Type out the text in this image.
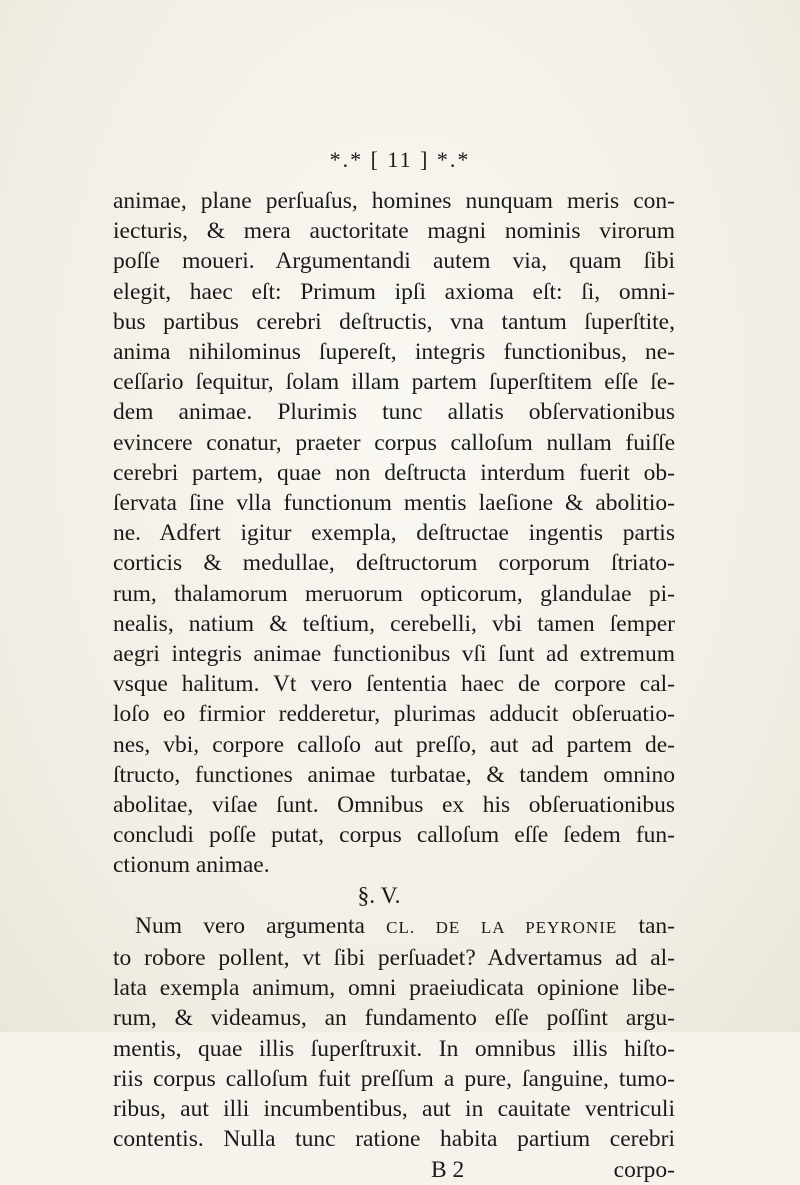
*.* [ 11 ] *.*
animae, plane perſuaſus, homines nunquam meris con-
iecturis, & mera auctoritate magni nominis virorum
poſſe moueri. Argumentandi autem via, quam ſibi
elegit, haec eſt: Primum ipſi axioma eſt: ſi, omni-
bus partibus cerebri deſtructis, vna tantum ſuperſtite,
anima nihilominus ſupereſt, integris functionibus, ne-
ceſſario ſequitur, ſolam illam partem ſuperſtitem eſſe ſe-
dem animae. Plurimis tunc allatis obſervationibus
evincere conatur, praeter corpus calloſum nullam fuiſſe
cerebri partem, quae non deſtructa interdum fuerit ob-
ſervata ſine vlla functionum mentis laeſione & abolitio-
ne. Adfert igitur exempla, deſtructae ingentis partis
corticis & medullae, deſtructorum corporum ſtriato-
rum, thalamorum meruorum opticorum, glandulae pi-
nealis, natium & teſtium, cerebelli, vbi tamen ſemper
aegri integris animae functionibus vſi ſunt ad extremum
vsque halitum. Vt vero ſententia haec de corpore cal-
loſo eo firmior redderetur, plurimas adducit obſeruatio-
nes, vbi, corpore calloſo aut preſſo, aut ad partem de-
ſtructo, functiones animae turbatae, & tandem omnino
abolitae, viſae ſunt. Omnibus ex his obſeruationibus
concludi poſſe putat, corpus calloſum eſſe ſedem fun-
ctionum animae.
§. V.
Num vero argumenta CL. DE LA PEYRONIE tan-
to robore pollent, vt ſibi perſuadet? Advertamus ad al-
lata exempla animum, omni praeiudicata opinione libe-
rum, & videamus, an fundamento eſſe poſſint argu-
mentis, quae illis ſuperſtruxit. In omnibus illis hiſto-
riis corpus calloſum fuit preſſum a pure, ſanguine, tumo-
ribus, aut illi incumbentibus, aut in cauitate ventriculi
contentis. Nulla tunc ratione habita partium cerebri
B 2	corpo-
